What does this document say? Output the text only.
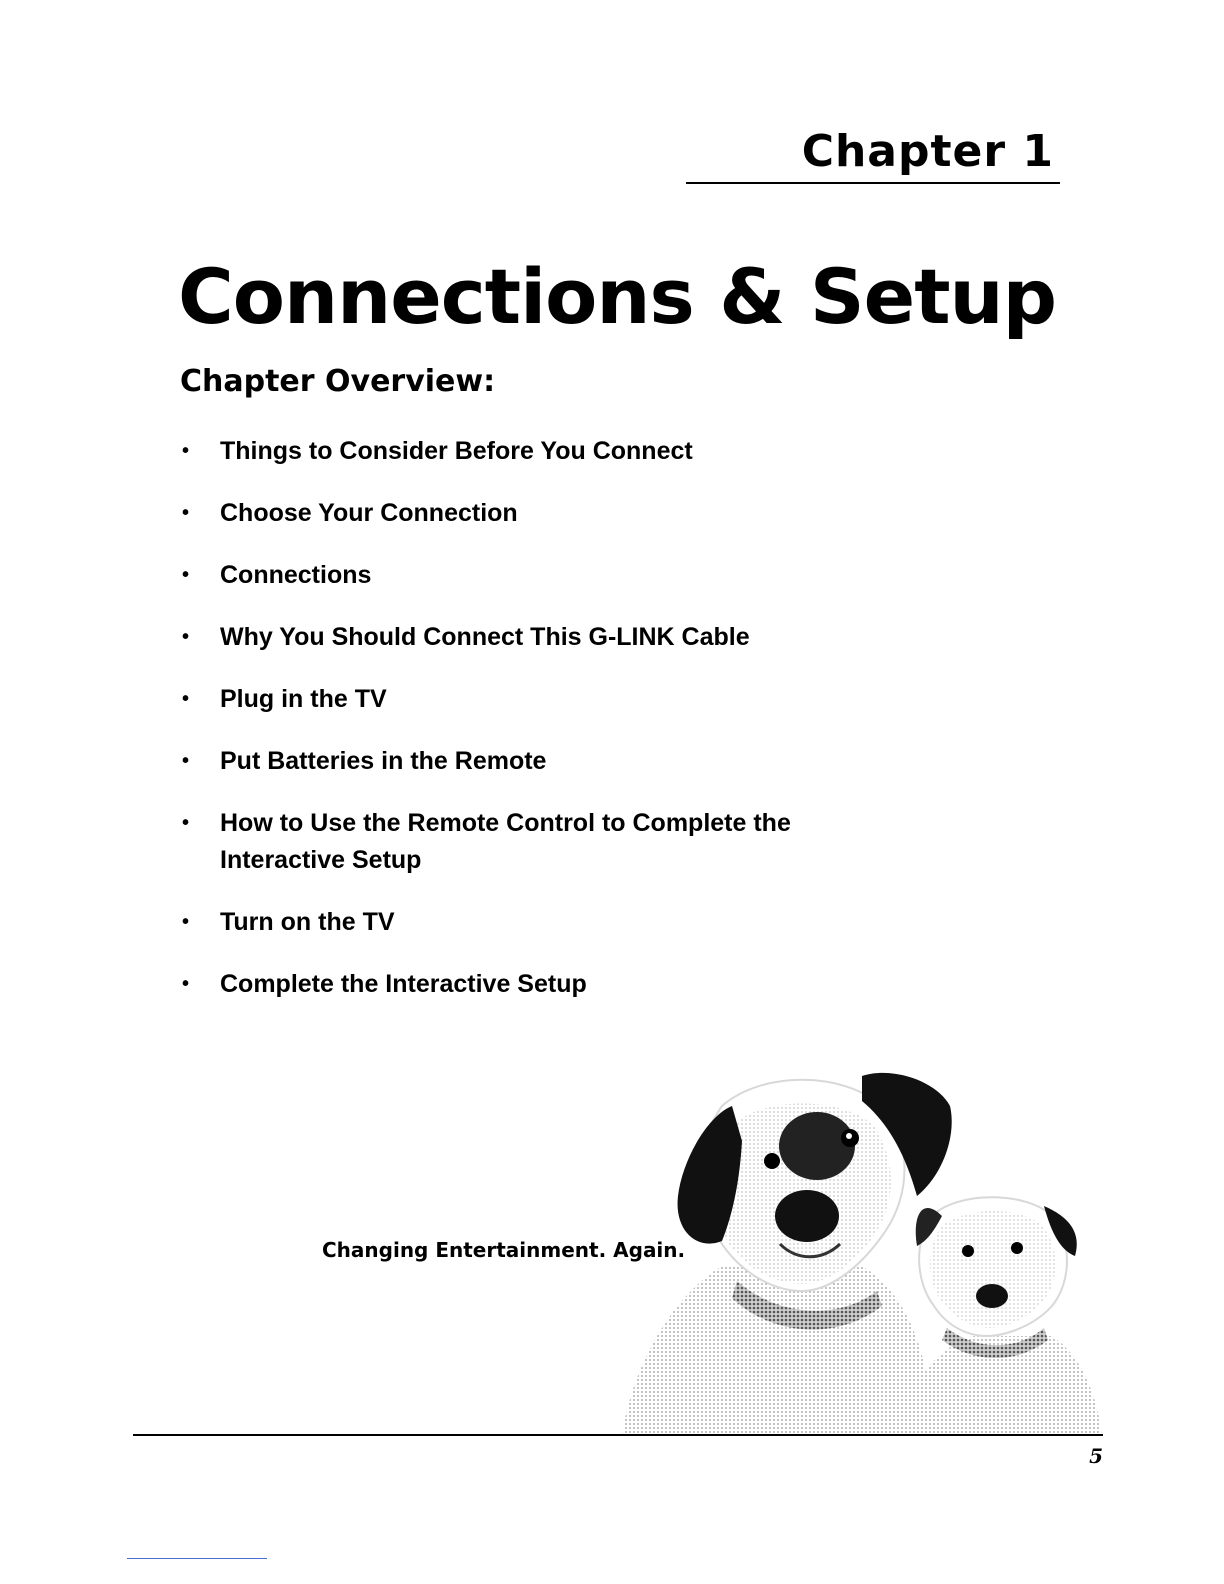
Chapter 1
Connections & Setup
Chapter Overview:
• Things to Consider Before You Connect
• Choose Your Connection
• Connections
• Why You Should Connect This G-LINK Cable
• Plug in the TV
• Put Batteries in the Remote
• How to Use the Remote Control to Complete the Interactive Setup
• Turn on the TV
• Complete the Interactive Setup
Changing Entertainment. Again.
5
